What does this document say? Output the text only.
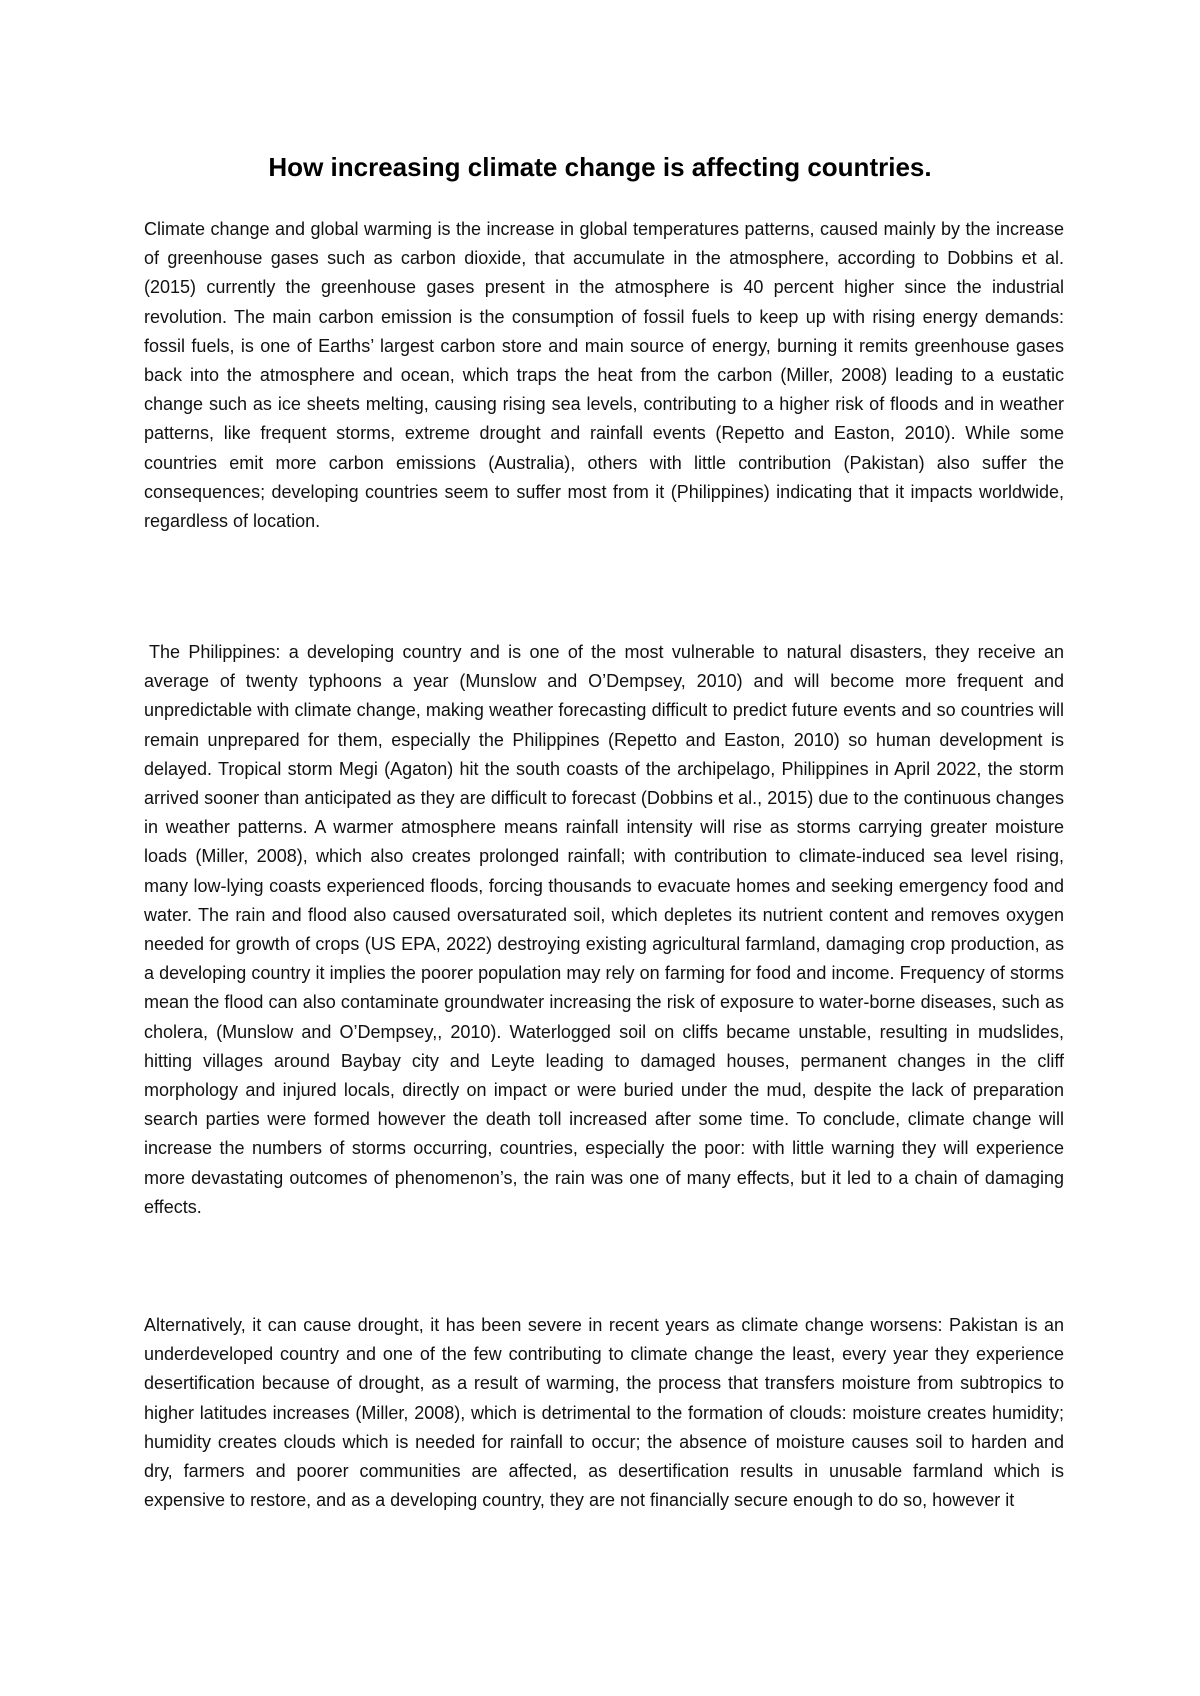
How increasing climate change is affecting countries.

Climate change and global warming is the increase in global temperatures patterns, caused mainly by the increase of greenhouse gases such as carbon dioxide, that accumulate in the atmosphere, according to Dobbins et al. (2015) currently the greenhouse gases present in the atmosphere is 40 percent higher since the industrial revolution. The main carbon emission is the consumption of fossil fuels to keep up with rising energy demands: fossil fuels, is one of Earths’ largest carbon store and main source of energy, burning it remits greenhouse gases back into the atmosphere and ocean, which traps the heat from the carbon (Miller, 2008) leading to a eustatic change such as ice sheets melting, causing rising sea levels, contributing to a higher risk of floods and in weather patterns, like frequent storms, extreme drought and rainfall events (Repetto and Easton, 2010). While some countries emit more carbon emissions (Australia), others with little contribution (Pakistan) also suffer the consequences; developing countries seem to suffer most from it (Philippines) indicating that it impacts worldwide, regardless of location.

The Philippines: a developing country and is one of the most vulnerable to natural disasters, they receive an average of twenty typhoons a year (Munslow and O’Dempsey, 2010) and will become more frequent and unpredictable with climate change, making weather forecasting difficult to predict future events and so countries will remain unprepared for them, especially the Philippines (Repetto and Easton, 2010) so human development is delayed. Tropical storm Megi (Agaton) hit the south coasts of the archipelago, Philippines in April 2022, the storm arrived sooner than anticipated as they are difficult to forecast (Dobbins et al., 2015) due to the continuous changes in weather patterns. A warmer atmosphere means rainfall intensity will rise as storms carrying greater moisture loads (Miller, 2008), which also creates prolonged rainfall; with contribution to climate-induced sea level rising, many low-lying coasts experienced floods, forcing thousands to evacuate homes and seeking emergency food and water. The rain and flood also caused oversaturated soil, which depletes its nutrient content and removes oxygen needed for growth of crops (US EPA, 2022) destroying existing agricultural farmland, damaging crop production, as a developing country it implies the poorer population may rely on farming for food and income. Frequency of storms mean the flood can also contaminate groundwater increasing the risk of exposure to water-borne diseases, such as cholera, (Munslow and O’Dempsey,, 2010). Waterlogged soil on cliffs became unstable, resulting in mudslides, hitting villages around Baybay city and Leyte leading to damaged houses, permanent changes in the cliff morphology and injured locals, directly on impact or were buried under the mud, despite the lack of preparation search parties were formed however the death toll increased after some time. To conclude, climate change will increase the numbers of storms occurring, countries, especially the poor: with little warning they will experience more devastating outcomes of phenomenon’s, the rain was one of many effects, but it led to a chain of damaging effects.

Alternatively, it can cause drought, it has been severe in recent years as climate change worsens: Pakistan is an underdeveloped country and one of the few contributing to climate change the least, every year they experience desertification because of drought, as a result of warming, the process that transfers moisture from subtropics to higher latitudes increases (Miller, 2008), which is detrimental to the formation of clouds: moisture creates humidity; humidity creates clouds which is needed for rainfall to occur; the absence of moisture causes soil to harden and dry, farmers and poorer communities are affected, as desertification results in unusable farmland which is expensive to restore, and as a developing country, they are not financially secure enough to do so, however it
